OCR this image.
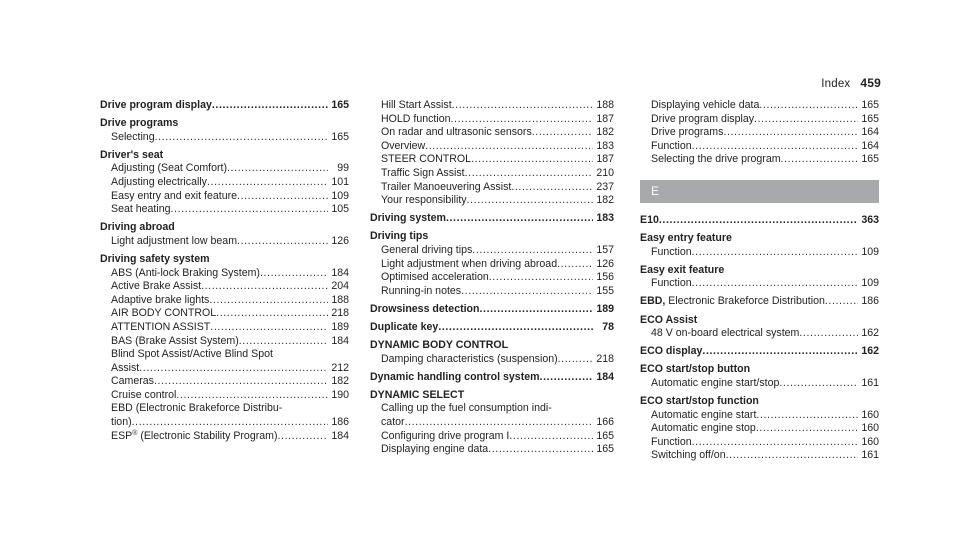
Index 459
Drive program display .....	165
Drive programs
Selecting .....	165
Driver's seat
Adjusting (Seat Comfort) .....	99
Adjusting electrically .....	101
Easy entry and exit feature .....	109
Seat heating .....	105
Driving abroad
Light adjustment low beam .....	126
Driving safety system
ABS (Anti-lock Braking System) .....	184
Active Brake Assist .....	204
Adaptive brake lights .....	188
AIR BODY CONTROL .....	218
ATTENTION ASSIST .....	189
BAS (Brake Assist System) .....	184
Blind Spot Assist/Active Blind Spot
Assist .....	212
Cameras .....	182
Cruise control .....	190
EBD (Electronic Brakeforce Distribu-
tion) .....	186
ESP® (Electronic Stability Program) .....	184
Hill Start Assist .....	188
HOLD function .....	187
On radar and ultrasonic sensors .....	182
Overview .....	183
STEER CONTROL .....	187
Traffic Sign Assist .....	210
Trailer Manoeuvering Assist .....	237
Your responsibility .....	182
Driving system .....	183
Driving tips
General driving tips .....	157
Light adjustment when driving abroad .....	126
Optimised acceleration .....	156
Running-in notes .....	155
Drowsiness detection .....	189
Duplicate key .....	78
DYNAMIC BODY CONTROL
Damping characteristics (suspension) .....	218
Dynamic handling control system .....	184
DYNAMIC SELECT
Calling up the fuel consumption indi-
cator .....	166
Configuring drive program I .....	165
Displaying engine data .....	165
Displaying vehicle data .....	165
Drive program display .....	165
Drive programs .....	164
Function .....	164
Selecting the drive program .....	165
E
E10 .....	363
Easy entry feature
Function .....	109
Easy exit feature
Function .....	109
EBD, Electronic Brakeforce Distribution .....	186
ECO Assist
48 V on-board electrical system .....	162
ECO display .....	162
ECO start/stop button
Automatic engine start/stop .....	161
ECO start/stop function
Automatic engine start .....	160
Automatic engine stop .....	160
Function .....	160
Switching off/on .....	161
